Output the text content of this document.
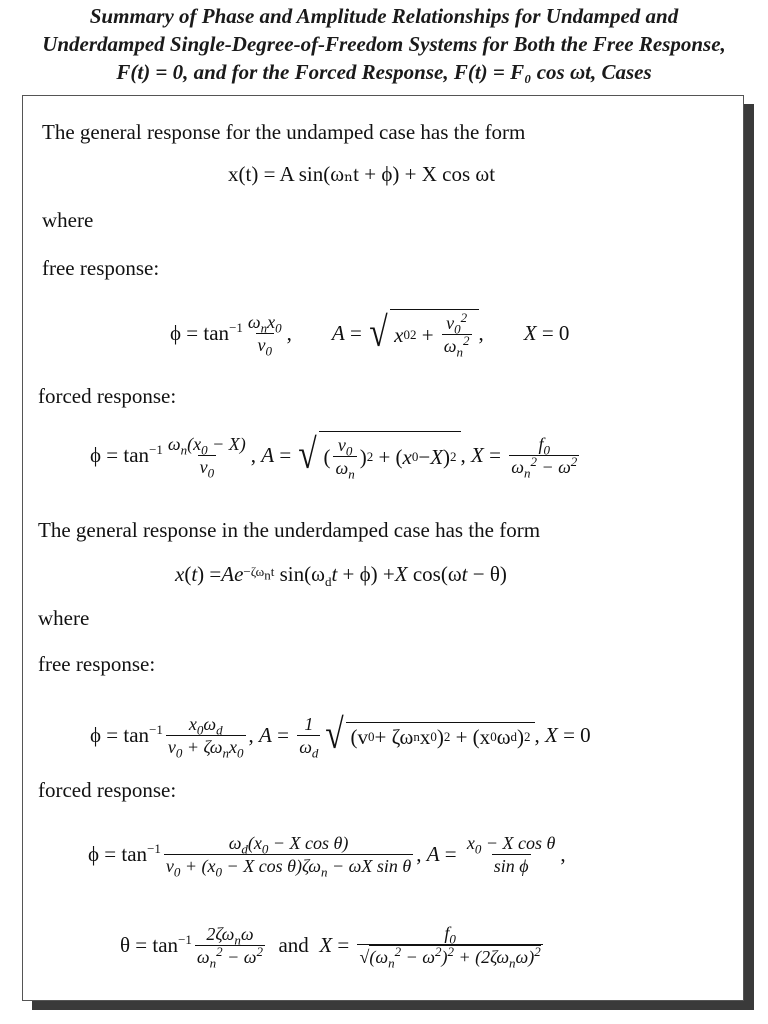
Summary of Phase and Amplitude Relationships for Undamped and
Underdamped Single-Degree-of-Freedom Systems for Both the Free Response,
F(t) = 0, and for the Forced Response, F(t) = F₀ cos ωt, Cases
The general response for the undamped case has the form
x(t) = A sin(ωₙt + ϕ) + X cos ωt
where
free response:
$\phi = \tan^{-1} \frac{\omega_nx_0}{v_0}$ , A = √ x 0 $2 + \frac{v_0^2}{\omega_n^2}$ , X = 0
forced response:
$\phi = \tan^{-1} \frac{\omega_n(x_0 - X)}{v_0}$ , A = √ ( $\frac{v_0}{\omega_n}$ ) 2 + ( x 0 − X ) 2 , $X = \frac{f_0}{\omega_n^2 - \omega^2}$
The general response in the underdamped case has the form
x ( t ) = $Ae -\zeta\omega_nt$ $\sin(\omega_d$ t + ϕ) + X cos(ω t − θ)
where
free response:
$\phi = \tan^{-1} \frac{x_0\omega_d}{v_0 + \zeta\omega_nx_0}$ , $A = \frac{1}{\omega_d}$ √ (v 0 + ζω n x 0 ) 2 + (x 0 ω d ) 2 , X = 0
forced response:
$\phi = \tan^{-1} \frac{\omega_d(x_0 - X \cos \theta)}{v_0 + (x_0 - X \cos \theta)\zeta\omega_n - \omega X \sin \theta}$ , $A = \frac{x_0 - X \cos \theta}{\text{sin ϕ}}$ ,
$\theta = \tan^{-1} \frac{2\zeta\omega_n\omega}{\omega_n^2 - \omega^2}$ and $X = \frac{f_0}{√ (\omega_n^2 - \omega^2)^2 + (2\zeta\omega_n\omega)^2}$
